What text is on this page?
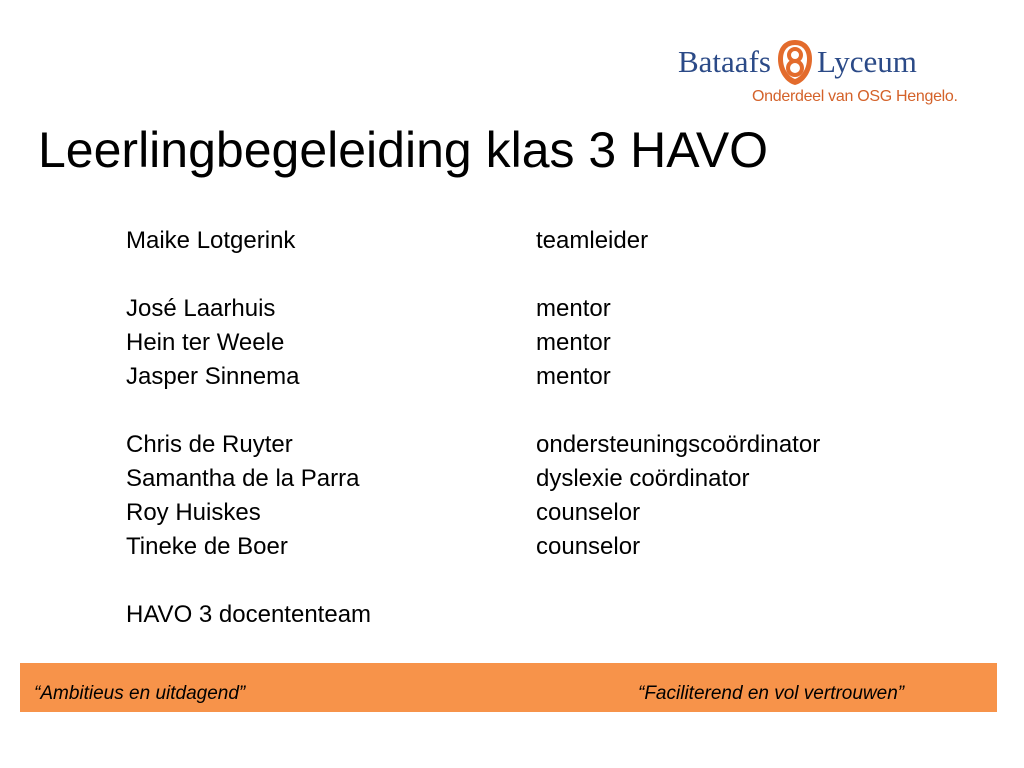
Bataafs Lyceum
Onderdeel van OSG Hengelo.
Leerlingbegeleiding klas 3 HAVO
Maike Lotgerink	teamleider
José Laarhuis	mentor
Hein ter Weele	mentor
Jasper Sinnema	mentor
Chris de Ruyter	ondersteuningscoördinator
Samantha de la Parra	dyslexie coördinator
Roy Huiskes	counselor
Tineke de Boer	counselor
HAVO 3 docententeam
“Ambitieus en uitdagend”	“Faciliterend en vol vertrouwen”
